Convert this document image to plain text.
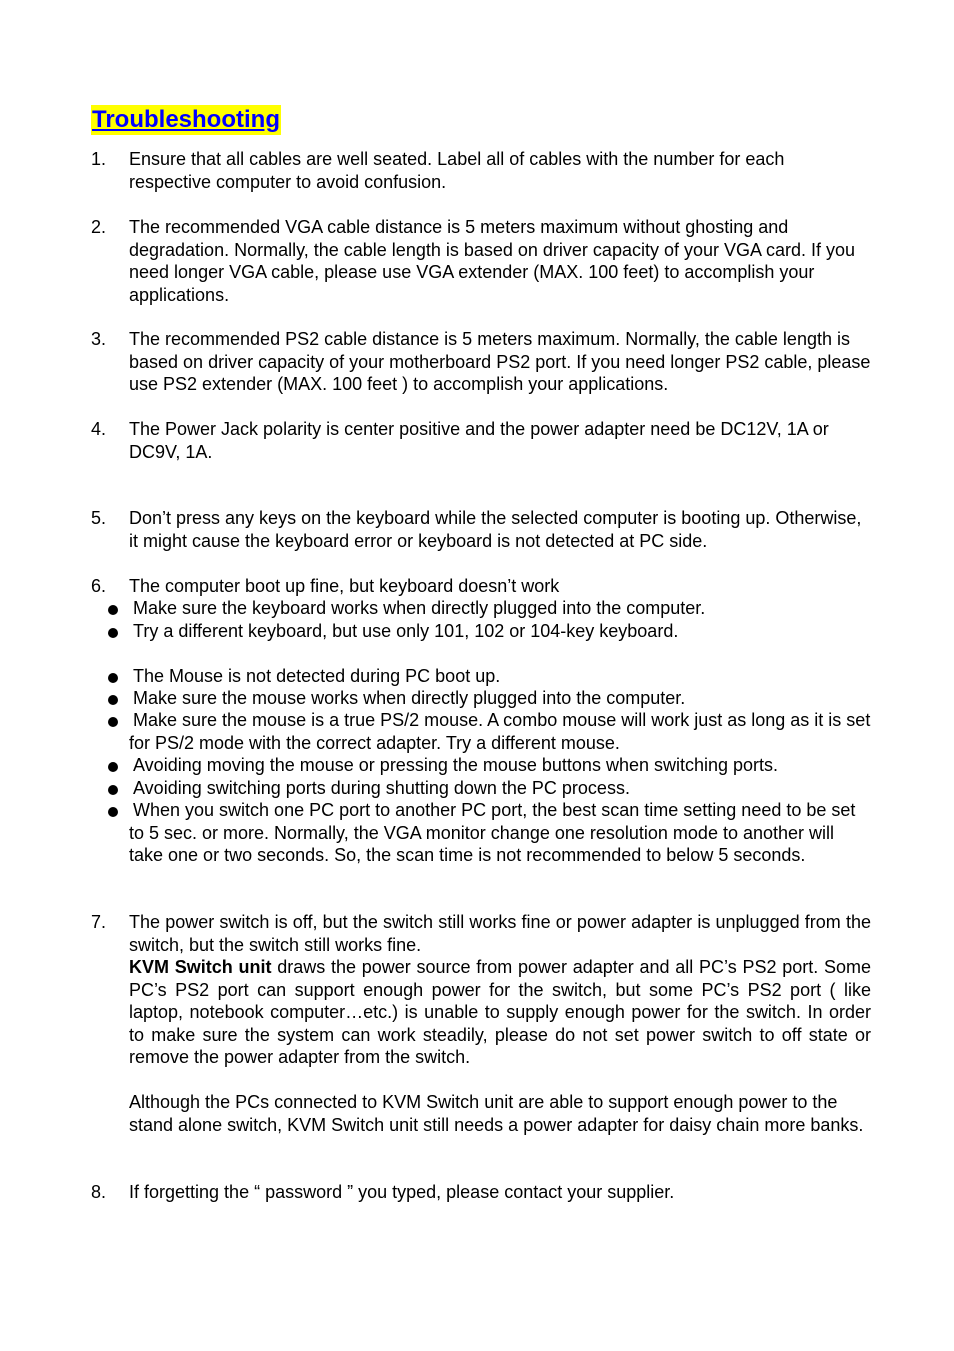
Troubleshooting
1. Ensure that all cables are well seated. Label all of cables with the number for each respective computer to avoid confusion.
2. The recommended VGA cable distance is 5 meters maximum without ghosting and degradation. Normally, the cable length is based on driver capacity of your VGA card. If you need longer VGA cable, please use VGA extender (MAX. 100 feet) to accomplish your applications.
3. The recommended PS2 cable distance is 5 meters maximum. Normally, the cable length is based on driver capacity of your motherboard PS2 port. If you need longer PS2 cable, please use PS2 extender (MAX. 100 feet ) to accomplish your applications.
4. The Power Jack polarity is center positive and the power adapter need be DC12V, 1A or DC9V, 1A.
5. Don’t press any keys on the keyboard while the selected computer is booting up. Otherwise, it might cause the keyboard error or keyboard is not detected at PC side.
6. The computer boot up fine, but keyboard doesn’t work
Make sure the keyboard works when directly plugged into the computer.
Try a different keyboard, but use only 101, 102 or 104-key keyboard.
The Mouse is not detected during PC boot up.
Make sure the mouse works when directly plugged into the computer.
Make sure the mouse is a true PS/2 mouse. A combo mouse will work just as long as it is set for PS/2 mode with the correct adapter. Try a different mouse.
Avoiding moving the mouse or pressing the mouse buttons when switching ports.
Avoiding switching ports during shutting down the PC process.
When you switch one PC port to another PC port, the best scan time setting need to be set to 5 sec. or more. Normally, the VGA monitor change one resolution mode to another will take one or two seconds. So, the scan time is not recommended to below 5 seconds.
7. The power switch is off, but the switch still works fine or power adapter is unplugged from the switch, but the switch still works fine.
KVM Switch unit draws the power source from power adapter and all PC’s PS2 port. Some PC’s PS2 port can support enough power for the switch, but some PC’s PS2 port ( like laptop, notebook computer…etc.) is unable to supply enough power for the switch. In order to make sure the system can work steadily, please do not set power switch to off state or remove the power adapter from the switch.
Although the PCs connected to KVM Switch unit are able to support enough power to the stand alone switch, KVM Switch unit still needs a power adapter for daisy chain more banks.
8. If forgetting the “ password ” you typed, please contact your supplier.
